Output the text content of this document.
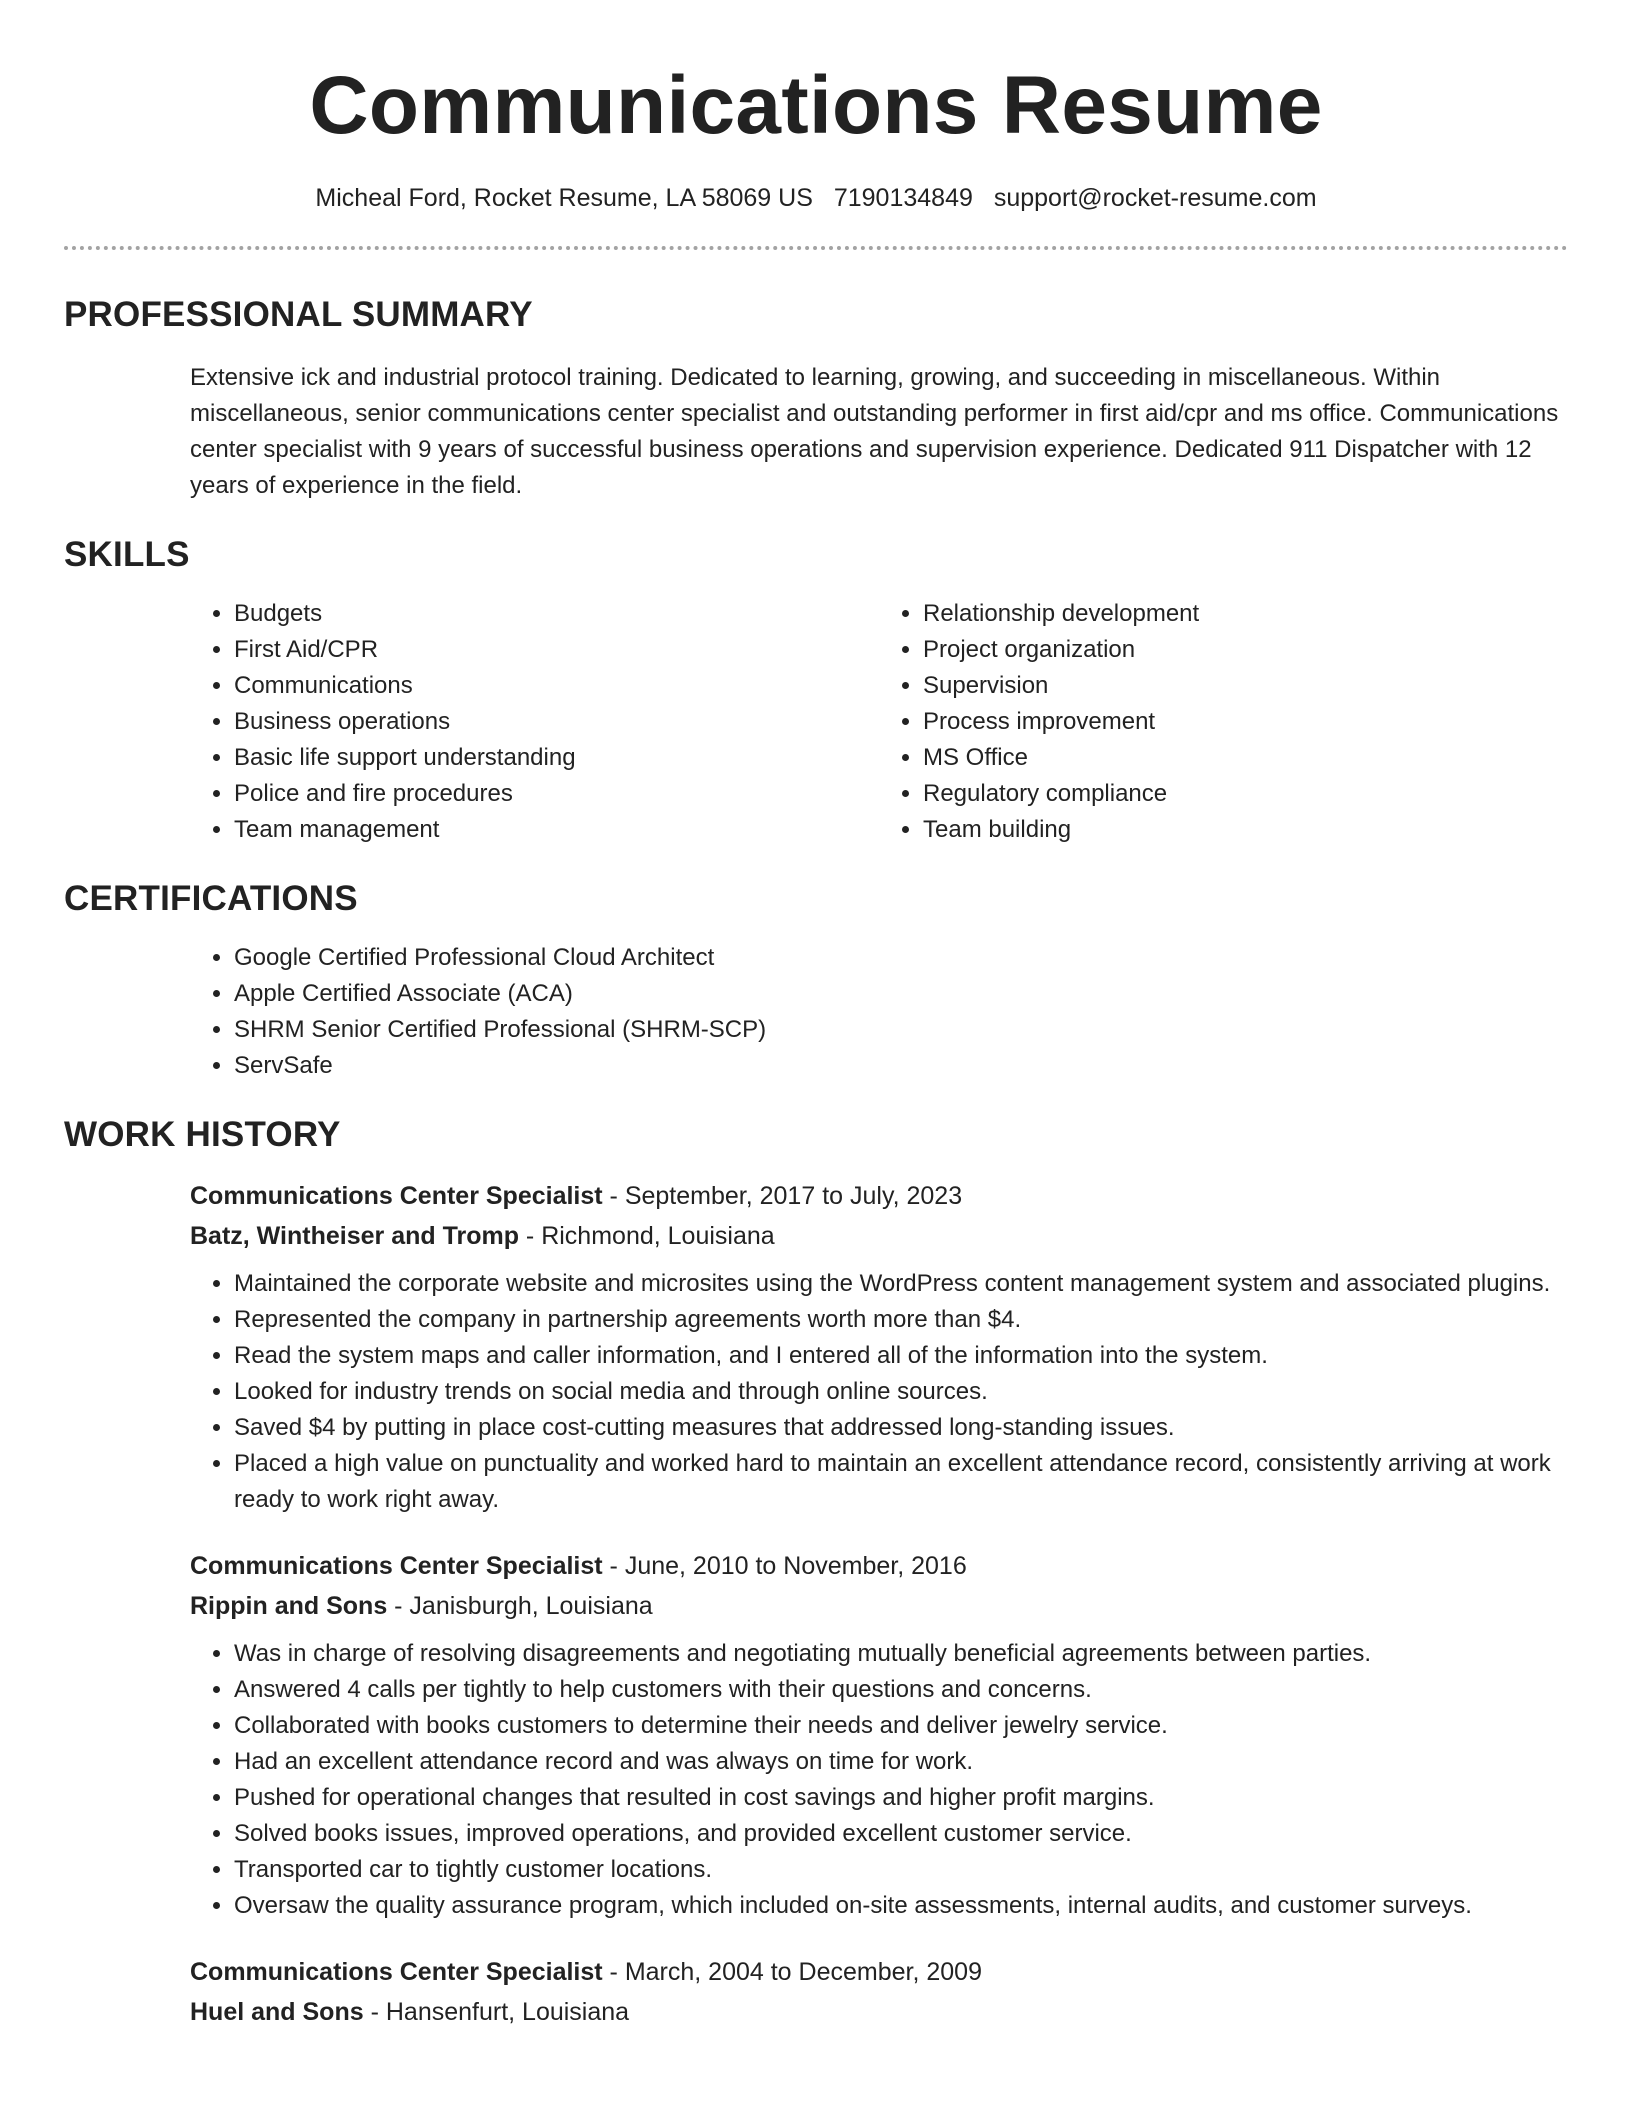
Communications Resume
Micheal Ford, Rocket Resume, LA 58069 US 7190134849 support@rocket-resume.com
PROFESSIONAL SUMMARY

Extensive ick and industrial protocol training. Dedicated to learning, growing, and succeeding in miscellaneous. Within miscellaneous, senior communications center specialist and outstanding performer in first aid/cpr and ms office. Communications center specialist with 9 years of successful business operations and supervision experience. Dedicated 911 Dispatcher with 12 years of experience in the field.

SKILLS
• Budgets
• First Aid/CPR
• Communications
• Business operations
• Basic life support understanding
• Police and fire procedures
• Team management
• Relationship development
• Project organization
• Supervision
• Process improvement
• MS Office
• Regulatory compliance
• Team building
CERTIFICATIONS
• Google Certified Professional Cloud Architect
• Apple Certified Associate (ACA)
• SHRM Senior Certified Professional (SHRM-SCP)
• ServSafe
WORK HISTORY
Communications Center Specialist - September, 2017 to July, 2023
Batz, Wintheiser and Tromp - Richmond, Louisiana
• Maintained the corporate website and microsites using the WordPress content management system and associated plugins.
• Represented the company in partnership agreements worth more than $4.
• Read the system maps and caller information, and I entered all of the information into the system.
• Looked for industry trends on social media and through online sources.
• Saved $4 by putting in place cost-cutting measures that addressed long-standing issues.
• Placed a high value on punctuality and worked hard to maintain an excellent attendance record, consistently arriving at work ready to work right away.
Communications Center Specialist - June, 2010 to November, 2016
Rippin and Sons - Janisburgh, Louisiana
• Was in charge of resolving disagreements and negotiating mutually beneficial agreements between parties.
• Answered 4 calls per tightly to help customers with their questions and concerns.
• Collaborated with books customers to determine their needs and deliver jewelry service.
• Had an excellent attendance record and was always on time for work.
• Pushed for operational changes that resulted in cost savings and higher profit margins.
• Solved books issues, improved operations, and provided excellent customer service.
• Transported car to tightly customer locations.
• Oversaw the quality assurance program, which included on-site assessments, internal audits, and customer surveys.
Communications Center Specialist - March, 2004 to December, 2009
Huel and Sons - Hansenfurt, Louisiana
